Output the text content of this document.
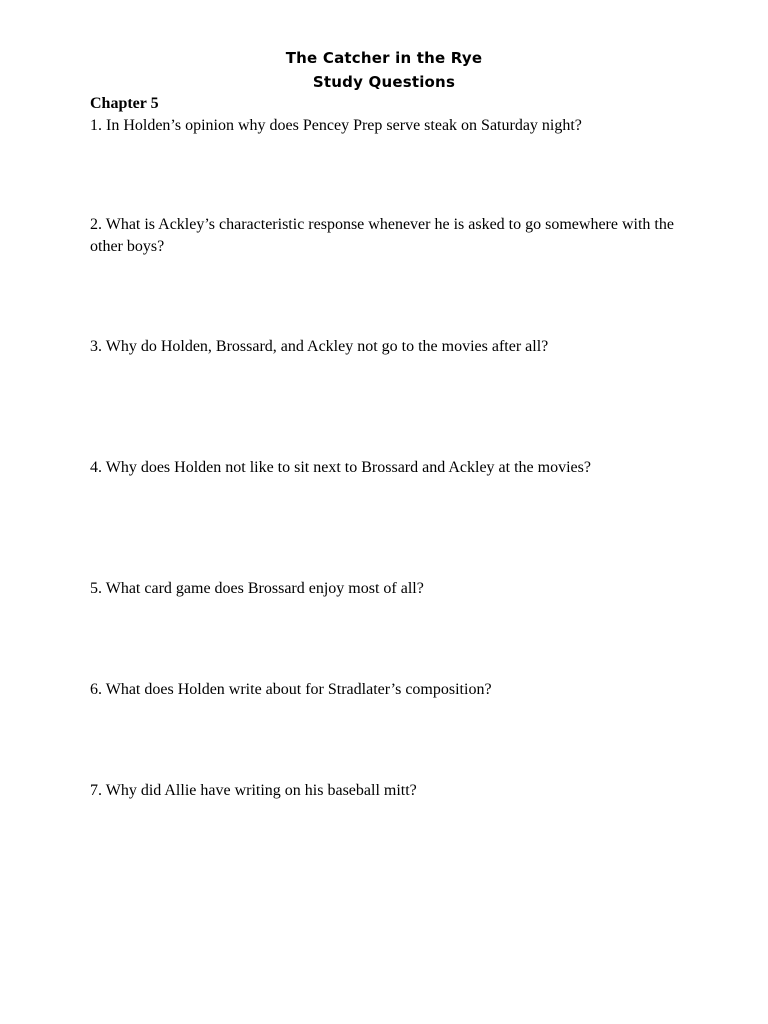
The Catcher in the Rye
Study Questions
Chapter 5
1. In Holden’s opinion why does Pencey Prep serve steak on Saturday night?
2. What is Ackley’s characteristic response whenever he is asked to go somewhere with the other boys?
3. Why do Holden, Brossard, and Ackley not go to the movies after all?
4. Why does Holden not like to sit next to Brossard and Ackley at the movies?
5. What card game does Brossard enjoy most of all?
6. What does Holden write about for Stradlater’s composition?
7. Why did Allie have writing on his baseball mitt?
